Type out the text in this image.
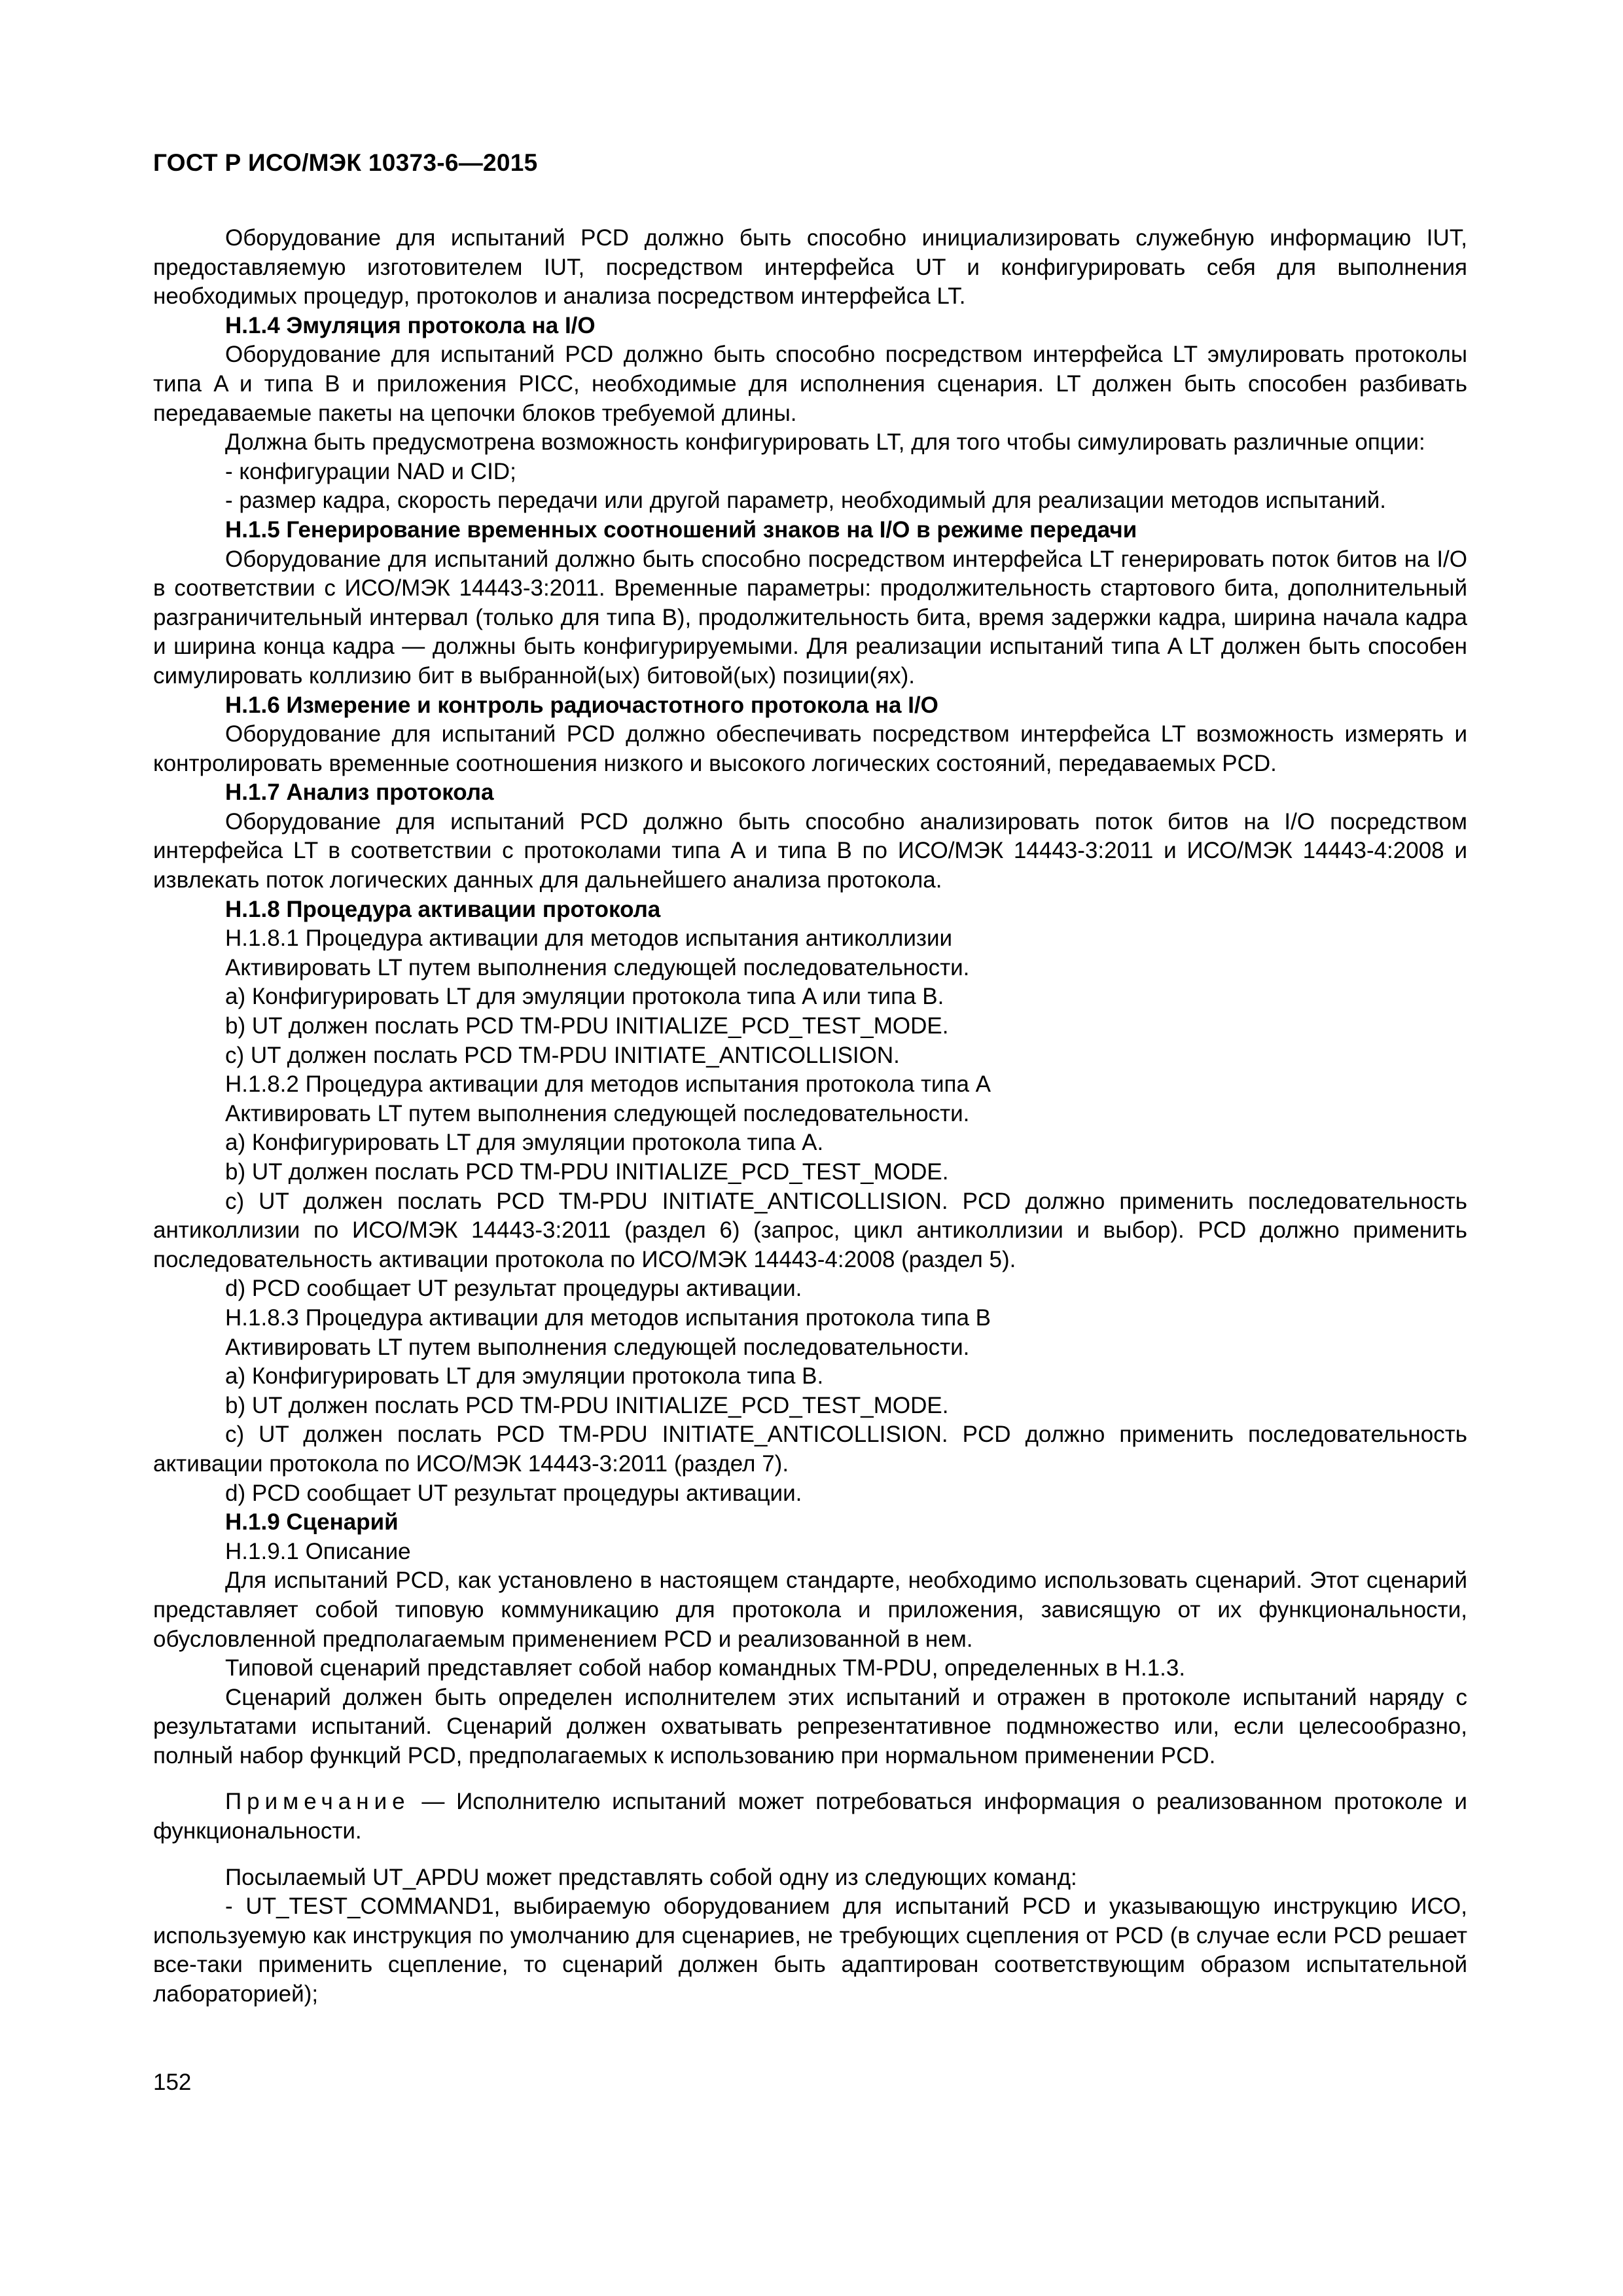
ГОСТ Р ИСО/МЭК 10373-6—2015

Оборудование для испытаний PCD должно быть способно инициализировать служебную информацию IUT, предоставляемую изготовителем IUT, посредством интерфейса UT и конфигурировать себя для выполнения необходимых процедур, протоколов и анализа посредством интерфейса LT.

H.1.4 Эмуляция протокола на I/O

Оборудование для испытаний PCD должно быть способно посредством интерфейса LT эмулировать протоколы типа A и типа B и приложения PICC, необходимые для исполнения сценария. LT должен быть способен разбивать передаваемые пакеты на цепочки блоков требуемой длины.

Должна быть предусмотрена возможность конфигурировать LT, для того чтобы симулировать различные опции:

- конфигурации NAD и CID;

- размер кадра, скорость передачи или другой параметр, необходимый для реализации методов испытаний.

H.1.5 Генерирование временных соотношений знаков на I/O в режиме передачи

Оборудование для испытаний должно быть способно посредством интерфейса LT генерировать поток битов на I/O в соответствии с ИСО/МЭК 14443-3:2011. Временные параметры: продолжительность стартового бита, дополнительный разграничительный интервал (только для типа B), продолжительность бита, время задержки кадра, ширина начала кадра и ширина конца кадра — должны быть конфигурируемыми. Для реализации испытаний типа A LT должен быть способен симулировать коллизию бит в выбранной(ых) битовой(ых) позиции(ях).

H.1.6 Измерение и контроль радиочастотного протокола на I/O

Оборудование для испытаний PCD должно обеспечивать посредством интерфейса LT возможность измерять и контролировать временные соотношения низкого и высокого логических состояний, передаваемых PCD.

H.1.7 Анализ протокола

Оборудование для испытаний PCD должно быть способно анализировать поток битов на I/O посредством интерфейса LT в соответствии с протоколами типа A и типа B по ИСО/МЭК 14443-3:2011 и ИСО/МЭК 14443-4:2008 и извлекать поток логических данных для дальнейшего анализа протокола.

H.1.8 Процедура активации протокола

H.1.8.1 Процедура активации для методов испытания антиколлизии

Активировать LT путем выполнения следующей последовательности.

a) Конфигурировать LT для эмуляции протокола типа A или типа B.

b) UT должен послать PCD TM-PDU INITIALIZE_PCD_TEST_MODE.

c) UT должен послать PCD TM-PDU INITIATE_ANTICOLLISION.

H.1.8.2 Процедура активации для методов испытания протокола типа A

Активировать LT путем выполнения следующей последовательности.

a) Конфигурировать LT для эмуляции протокола типа A.

b) UT должен послать PCD TM-PDU INITIALIZE_PCD_TEST_MODE.

c) UT должен послать PCD TM-PDU INITIATE_ANTICOLLISION. PCD должно применить последовательность антиколлизии по ИСО/МЭК 14443-3:2011 (раздел 6) (запрос, цикл антиколлизии и выбор). PCD должно применить последовательность активации протокола по ИСО/МЭК 14443-4:2008 (раздел 5).

d) PCD сообщает UT результат процедуры активации.

H.1.8.3 Процедура активации для методов испытания протокола типа B

Активировать LT путем выполнения следующей последовательности.

a) Конфигурировать LT для эмуляции протокола типа B.

b) UT должен послать PCD TM-PDU INITIALIZE_PCD_TEST_MODE.

c) UT должен послать PCD TM-PDU INITIATE_ANTICOLLISION. PCD должно применить последовательность активации протокола по ИСО/МЭК 14443-3:2011 (раздел 7).

d) PCD сообщает UT результат процедуры активации.

H.1.9 Сценарий

H.1.9.1 Описание

Для испытаний PCD, как установлено в настоящем стандарте, необходимо использовать сценарий. Этот сценарий представляет собой типовую коммуникацию для протокола и приложения, зависящую от их функциональности, обусловленной предполагаемым применением PCD и реализованной в нем.

Типовой сценарий представляет собой набор командных TM-PDU, определенных в H.1.3.

Сценарий должен быть определен исполнителем этих испытаний и отражен в протоколе испытаний наряду с результатами испытаний. Сценарий должен охватывать репрезентативное подмножество или, если целесообразно, полный набор функций PCD, предполагаемых к использованию при нормальном применении PCD.

Примечание — Исполнителю испытаний может потребоваться информация о реализованном протоколе и функциональности.

Посылаемый UT_APDU может представлять собой одну из следующих команд:

- UT_TEST_COMMAND1, выбираемую оборудованием для испытаний PCD и указывающую инструкцию ИСО, используемую как инструкция по умолчанию для сценариев, не требующих сцепления от PCD (в случае если PCD решает все-таки применить сцепление, то сценарий должен быть адаптирован соответствующим образом испытательной лабораторией);

152
